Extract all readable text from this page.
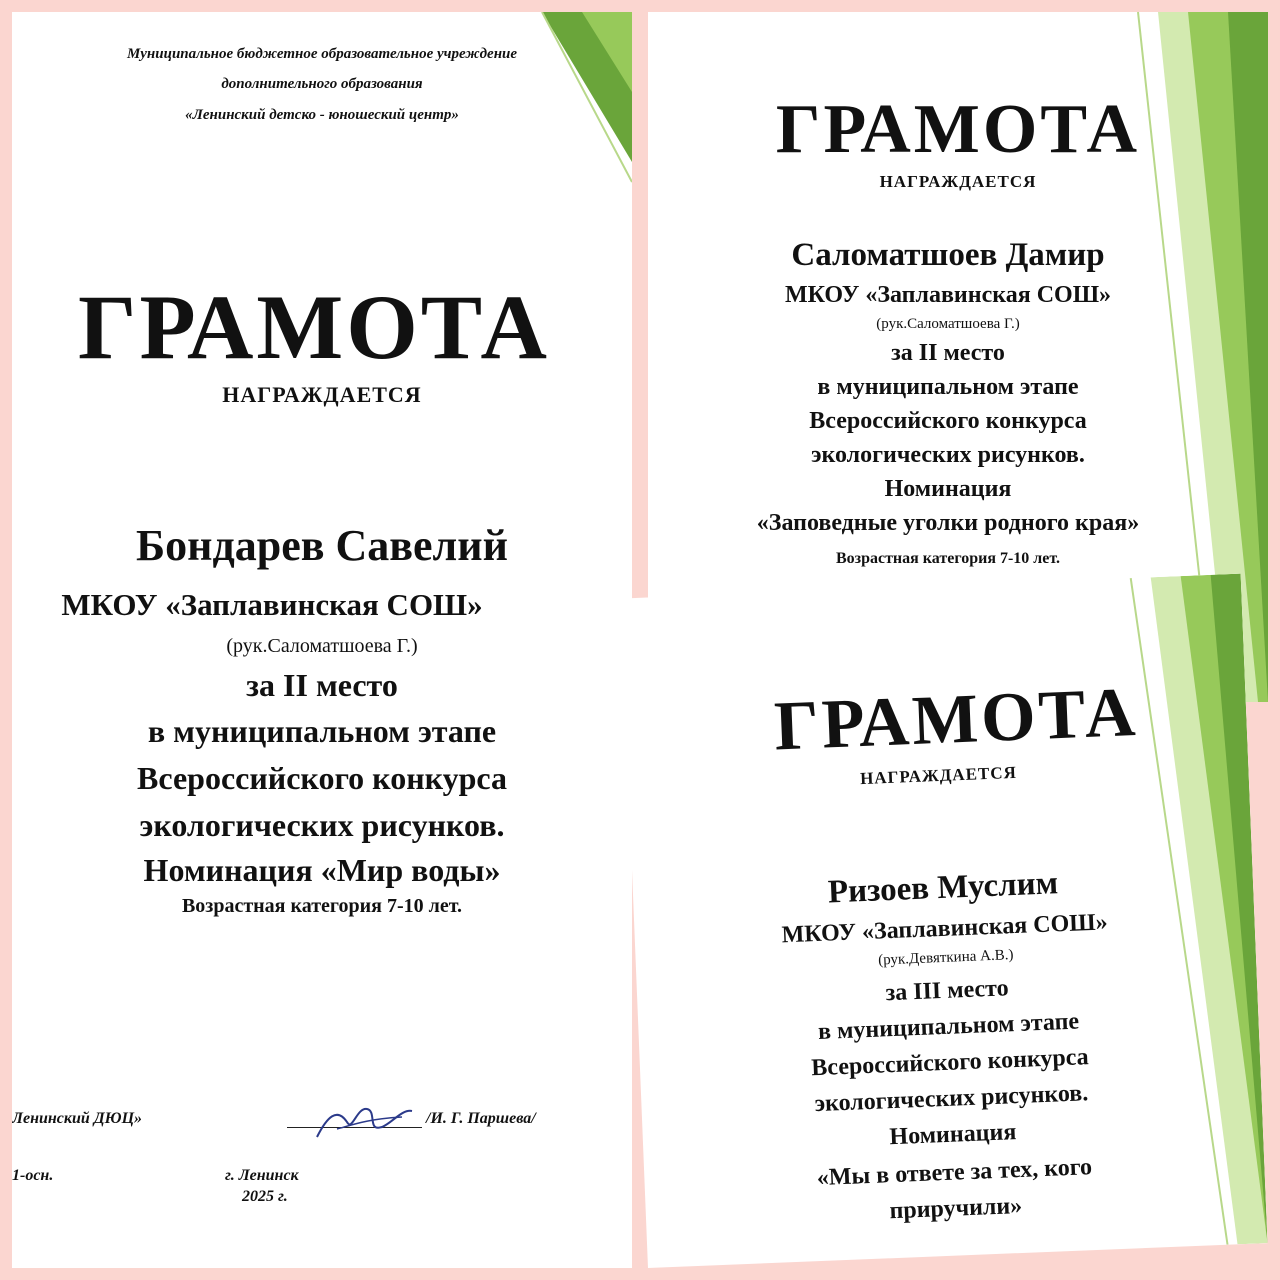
Муниципальное бюджетное образовательное учреждение
дополнительного образования
«Ленинский детско - юношеский центр»
ГРАМОТА
НАГРАЖДАЕТСЯ
Бондарев Савелий
МКОУ «Заплавинская СОШ»
(рук.Саломатшоева Г.)
за II место
в муниципальном этапе
Всероссийского конкурса
экологических рисунков.
Номинация «Мир воды»
Возрастная категория 7-10 лет.
Ленинский ДЮЦ»	/И. Г. Паршева/
1-осн.	г. Ленинск
2025 г.
ГРАМОТА
НАГРАЖДАЕТСЯ
Саломатшоев Дамир
МКОУ «Заплавинская СОШ»
(рук.Саломатшоева Г.)
за II место
в муниципальном этапе
Всероссийского конкурса
экологических рисунков.
Номинация
«Заповедные уголки родного края»
Возрастная категория 7-10 лет.
ГРАМОТА
НАГРАЖДАЕТСЯ
Ризоев Муслим
МКОУ «Заплавинская СОШ»
(рук.Девяткина А.В.)
за III место
в муниципальном этапе
Всероссийского конкурса
экологических рисунков.
Номинация
«Мы в ответе за тех, кого
приручили»
